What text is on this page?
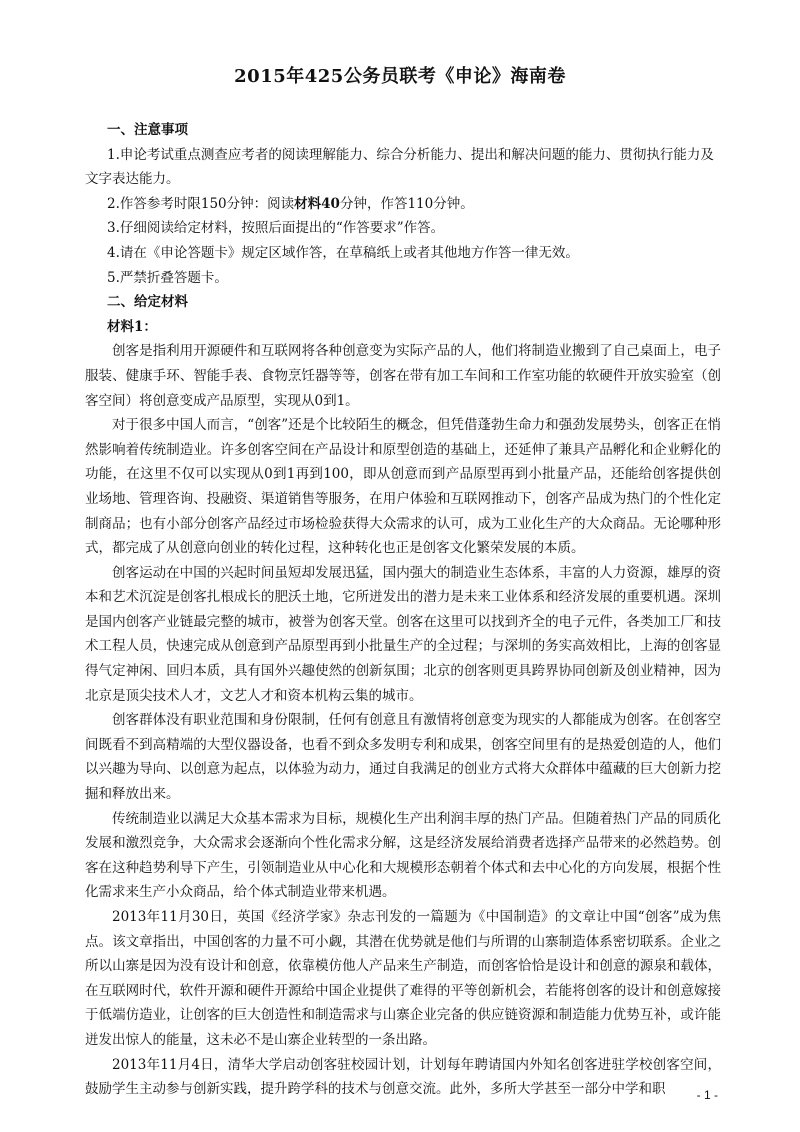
2015年425公务员联考《申论》海南卷

一、注意事项

1.申论考试重点测查应考者的阅读理解能力、综合分析能力、提出和解决问题的能力、贯彻执行能力及文字表达能力。

2.作答参考时限150分钟：阅读材料40分钟，作答110分钟。

3.仔细阅读给定材料，按照后面提出的“作答要求”作答。

4.请在《申论答题卡》规定区域作答，在草稿纸上或者其他地方作答一律无效。

5.严禁折叠答题卡。

二、给定材料

材料1：

创客是指利用开源硬件和互联网将各种创意变为实际产品的人，他们将制造业搬到了自己桌面上，电子服装、健康手环、智能手表、食物烹饪器等等，创客在带有加工车间和工作室功能的软硬件开放实验室（创客空间）将创意变成产品原型，实现从0到1。

对于很多中国人而言，“创客”还是个比较陌生的概念，但凭借蓬勃生命力和强劲发展势头，创客正在悄然影响着传统制造业。许多创客空间在产品设计和原型创造的基础上，还延伸了兼具产品孵化和企业孵化的功能，在这里不仅可以实现从0到1再到100，即从创意而到产品原型再到小批量产品，还能给创客提供创业场地、管理咨询、投融资、渠道销售等服务，在用户体验和互联网推动下，创客产品成为热门的个性化定制商品；也有小部分创客产品经过市场检验获得大众需求的认可，成为工业化生产的大众商品。无论哪种形式，都完成了从创意向创业的转化过程，这种转化也正是创客文化繁荣发展的本质。

创客运动在中国的兴起时间虽短却发展迅猛，国内强大的制造业生态体系，丰富的人力资源，雄厚的资本和艺术沉淀是创客扎根成长的肥沃土地，它所迸发出的潜力是未来工业体系和经济发展的重要机遇。深圳是国内创客产业链最完整的城市，被誉为创客天堂。创客在这里可以找到齐全的电子元件，各类加工厂和技术工程人员，快速完成从创意到产品原型再到小批量生产的全过程；与深圳的务实高效相比，上海的创客显得气定神闲、回归本质，具有国外兴趣使然的创新氛围；北京的创客则更具跨界协同创新及创业精神，因为北京是顶尖技术人才，文艺人才和资本机构云集的城市。

创客群体没有职业范围和身份限制，任何有创意且有激情将创意变为现实的人都能成为创客。在创客空间既看不到高精端的大型仪器设备，也看不到众多发明专利和成果，创客空间里有的是热爱创造的人，他们以兴趣为导向、以创意为起点，以体验为动力，通过自我满足的创业方式将大众群体中蕴藏的巨大创新力挖掘和释放出来。

传统制造业以满足大众基本需求为目标，规模化生产出利润丰厚的热门产品。但随着热门产品的同质化发展和激烈竞争，大众需求会逐渐向个性化需求分解，这是经济发展给消费者选择产品带来的必然趋势。创客在这种趋势利导下产生，引领制造业从中心化和大规模形态朝着个体式和去中心化的方向发展，根据个性化需求来生产小众商品，给个体式制造业带来机遇。

2013年11月30日，英国《经济学家》杂志刊发的一篇题为《中国制造》的文章让中国“创客”成为焦点。该文章指出，中国创客的力量不可小觑，其潜在优势就是他们与所谓的山寨制造体系密切联系。企业之所以山寨是因为没有设计和创意，依靠模仿他人产品来生产制造，而创客恰恰是设计和创意的源泉和载体，在互联网时代，软件开源和硬件开源给中国企业提供了难得的平等创新机会，若能将创客的设计和创意嫁接于低端仿造业，让创客的巨大创造性和制造需求与山寨企业完备的供应链资源和制造能力优势互补，或许能迸发出惊人的能量，这未必不是山寨企业转型的一条出路。

2013年11月4日，清华大学启动创客驻校园计划，计划每年聘请国内外知名创客进驻学校创客空间，鼓励学生主动参与创新实践，提升跨学科的技术与创意交流。此外，多所大学甚至一部分中学和职	- 1 -
